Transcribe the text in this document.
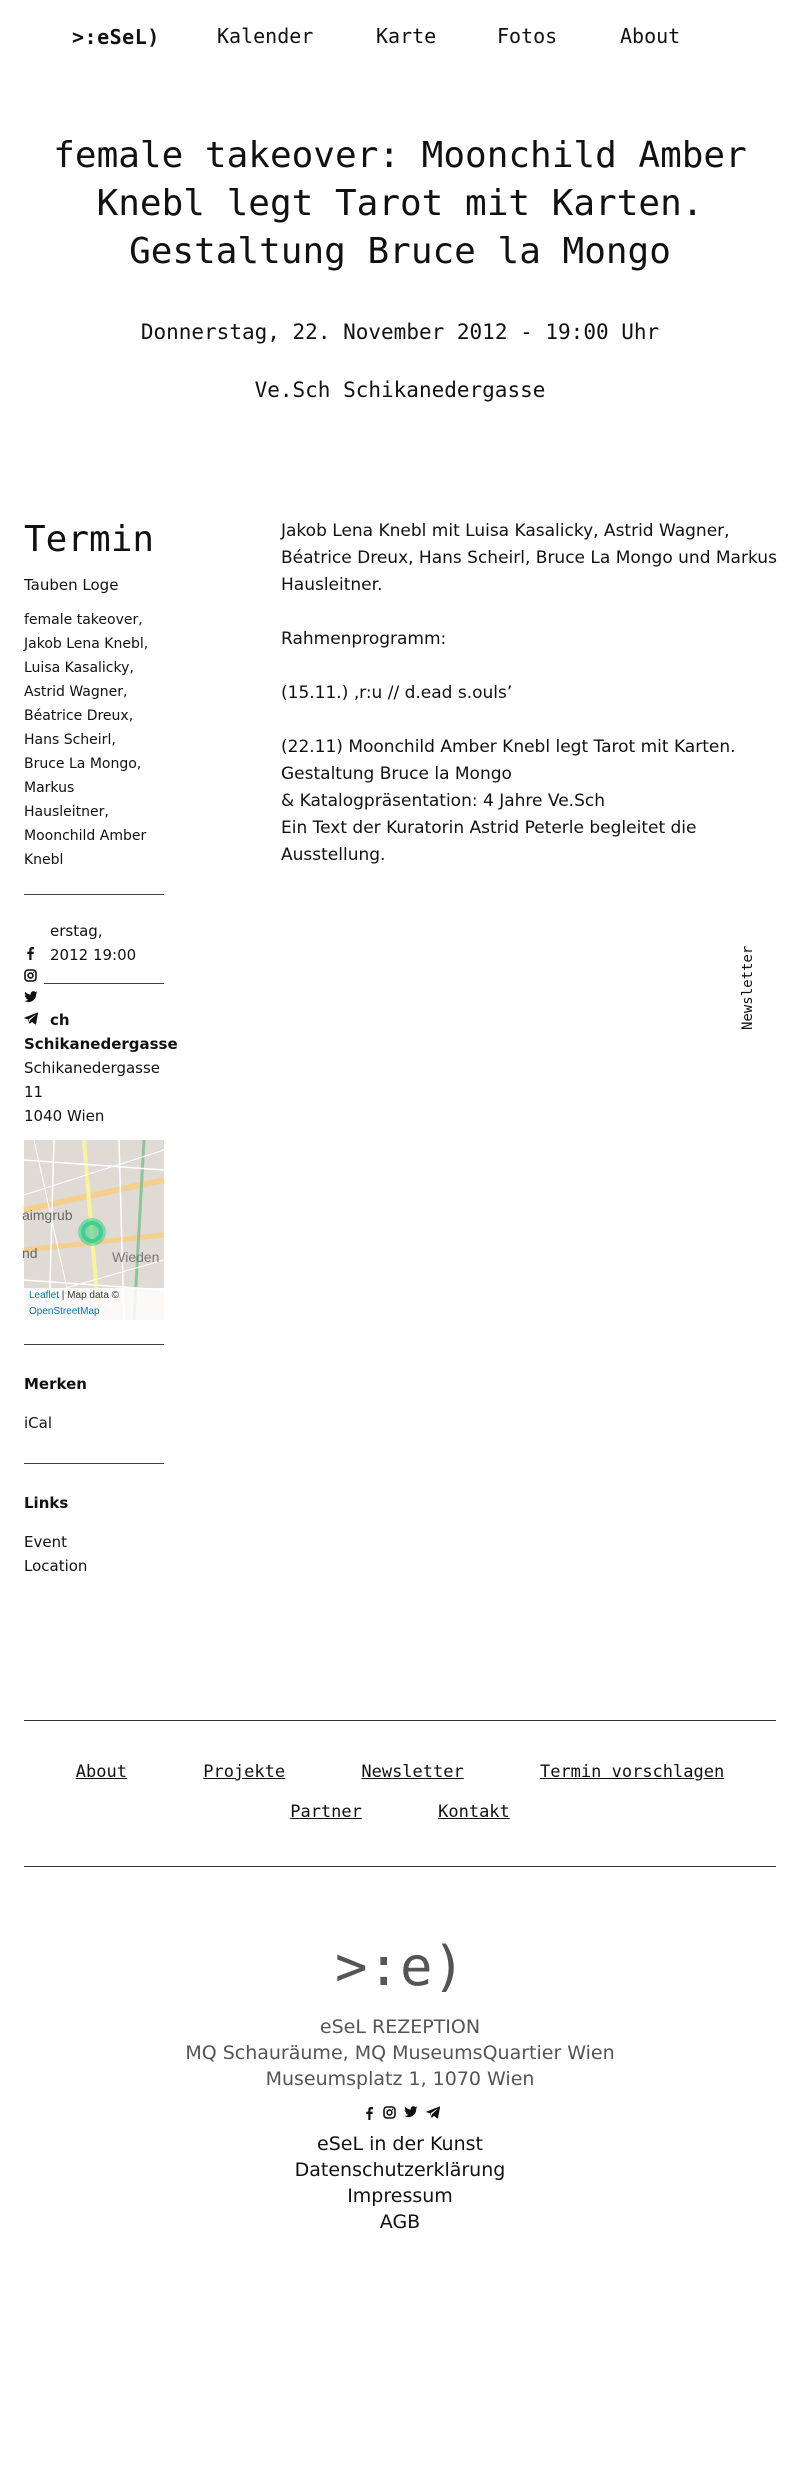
>:eSeL)	Kalender	Karte	Fotos	About
female takeover: Moonchild Amber
Knebl legt Tarot mit Karten.
Gestaltung Bruce la Mongo
Donnerstag, 22. November 2012 - 19:00 Uhr
Ve.Sch Schikanedergasse
Termin
Tauben Loge
female takeover,
Jakob Lena Knebl,
Luisa Kasalicky,
Astrid Wagner,
Béatrice Dreux,
Hans Scheirl,
Bruce La Mongo,
Markus
Hausleitner,
Moonchild Amber
Knebl
erstag,
2012 19:00
ch
Schikanedergasse
Schikanedergasse
11
1040 Wien
aimgrub
nd	Wieden
Leaflet | Map data ©
OpenStreetMap
Merken
iCal
Links
Event
Location

Jakob Lena Knebl mit Luisa Kasalicky, Astrid Wagner,
Béatrice Dreux, Hans Scheirl, Bruce La Mongo und Markus
Hausleitner.

Rahmenprogramm:

(15.11.) ‚r:u // d.ead s.ouls’

(22.11) Moonchild Amber Knebl legt Tarot mit Karten.
Gestaltung Bruce la Mongo
& Katalogpräsentation: 4 Jahre Ve.Sch
Ein Text der Kuratorin Astrid Peterle begleitet die
Ausstellung.

Newsletter
About	Projekte	Newsletter	Termin vorschlagen
Partner	Kontakt
>:e)
eSeL REZEPTION
MQ Schauräume, MQ MuseumsQuartier Wien
Museumsplatz 1, 1070 Wien
eSeL in der Kunst
Datenschutzerklärung
Impressum
AGB
